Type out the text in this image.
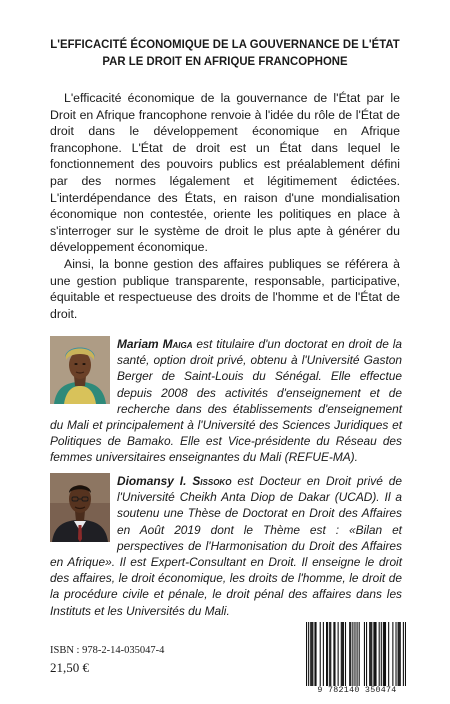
L'EFFICACITÉ ÉCONOMIQUE DE LA GOUVERNANCE DE L'ÉTAT
PAR LE DROIT EN AFRIQUE FRANCOPHONE

L'efficacité économique de la gouvernance de l'État par le Droit en Afrique francophone renvoie à l'idée du rôle de l'État de droit dans le développement économique en Afrique francophone. L'État de droit est un État dans lequel le fonctionnement des pouvoirs publics est préalablement défini par des normes légalement et légitimement édictées. L'interdépendance des États, en raison d'une mondialisation économique non contestée, oriente les politiques en place à s'interroger sur le système de droit le plus apte à générer du développement économique.

Ainsi, la bonne gestion des affaires publiques se référera à une gestion publique transparente, responsable, participative, équitable et respectueuse des droits de l'homme et de l'État de droit.

Mariam Maiga est titulaire d'un doctorat en droit de la santé, option droit privé, obtenu à l'Université Gaston Berger de Saint-Louis du Sénégal. Elle effectue depuis 2008 des activités d'enseignement et de recherche dans des établissements d'enseignement du Mali et principalement à l'Université des Sciences Juridiques et Politiques de Bamako. Elle est Vice-présidente du Réseau des femmes universitaires enseignantes du Mali (REFUE-MA).
Diomansy I. Sissoko est Docteur en Droit privé de l'Université Cheikh Anta Diop de Dakar (UCAD). Il a soutenu une Thèse de Doctorat en Droit des Affaires en Août 2019 dont le Thème est : «Bilan et perspectives de l'Harmonisation du Droit des Affaires en Afrique». Il est Expert-Consultant en Droit. Il enseigne le droit des affaires, le droit économique, les droits de l'homme, le droit de la procédure civile et pénale, le droit pénal des affaires dans les Instituts et les Universités du Mali.
ISBN : 978-2-14-035047-4
21,50 €
9 782140 350474
